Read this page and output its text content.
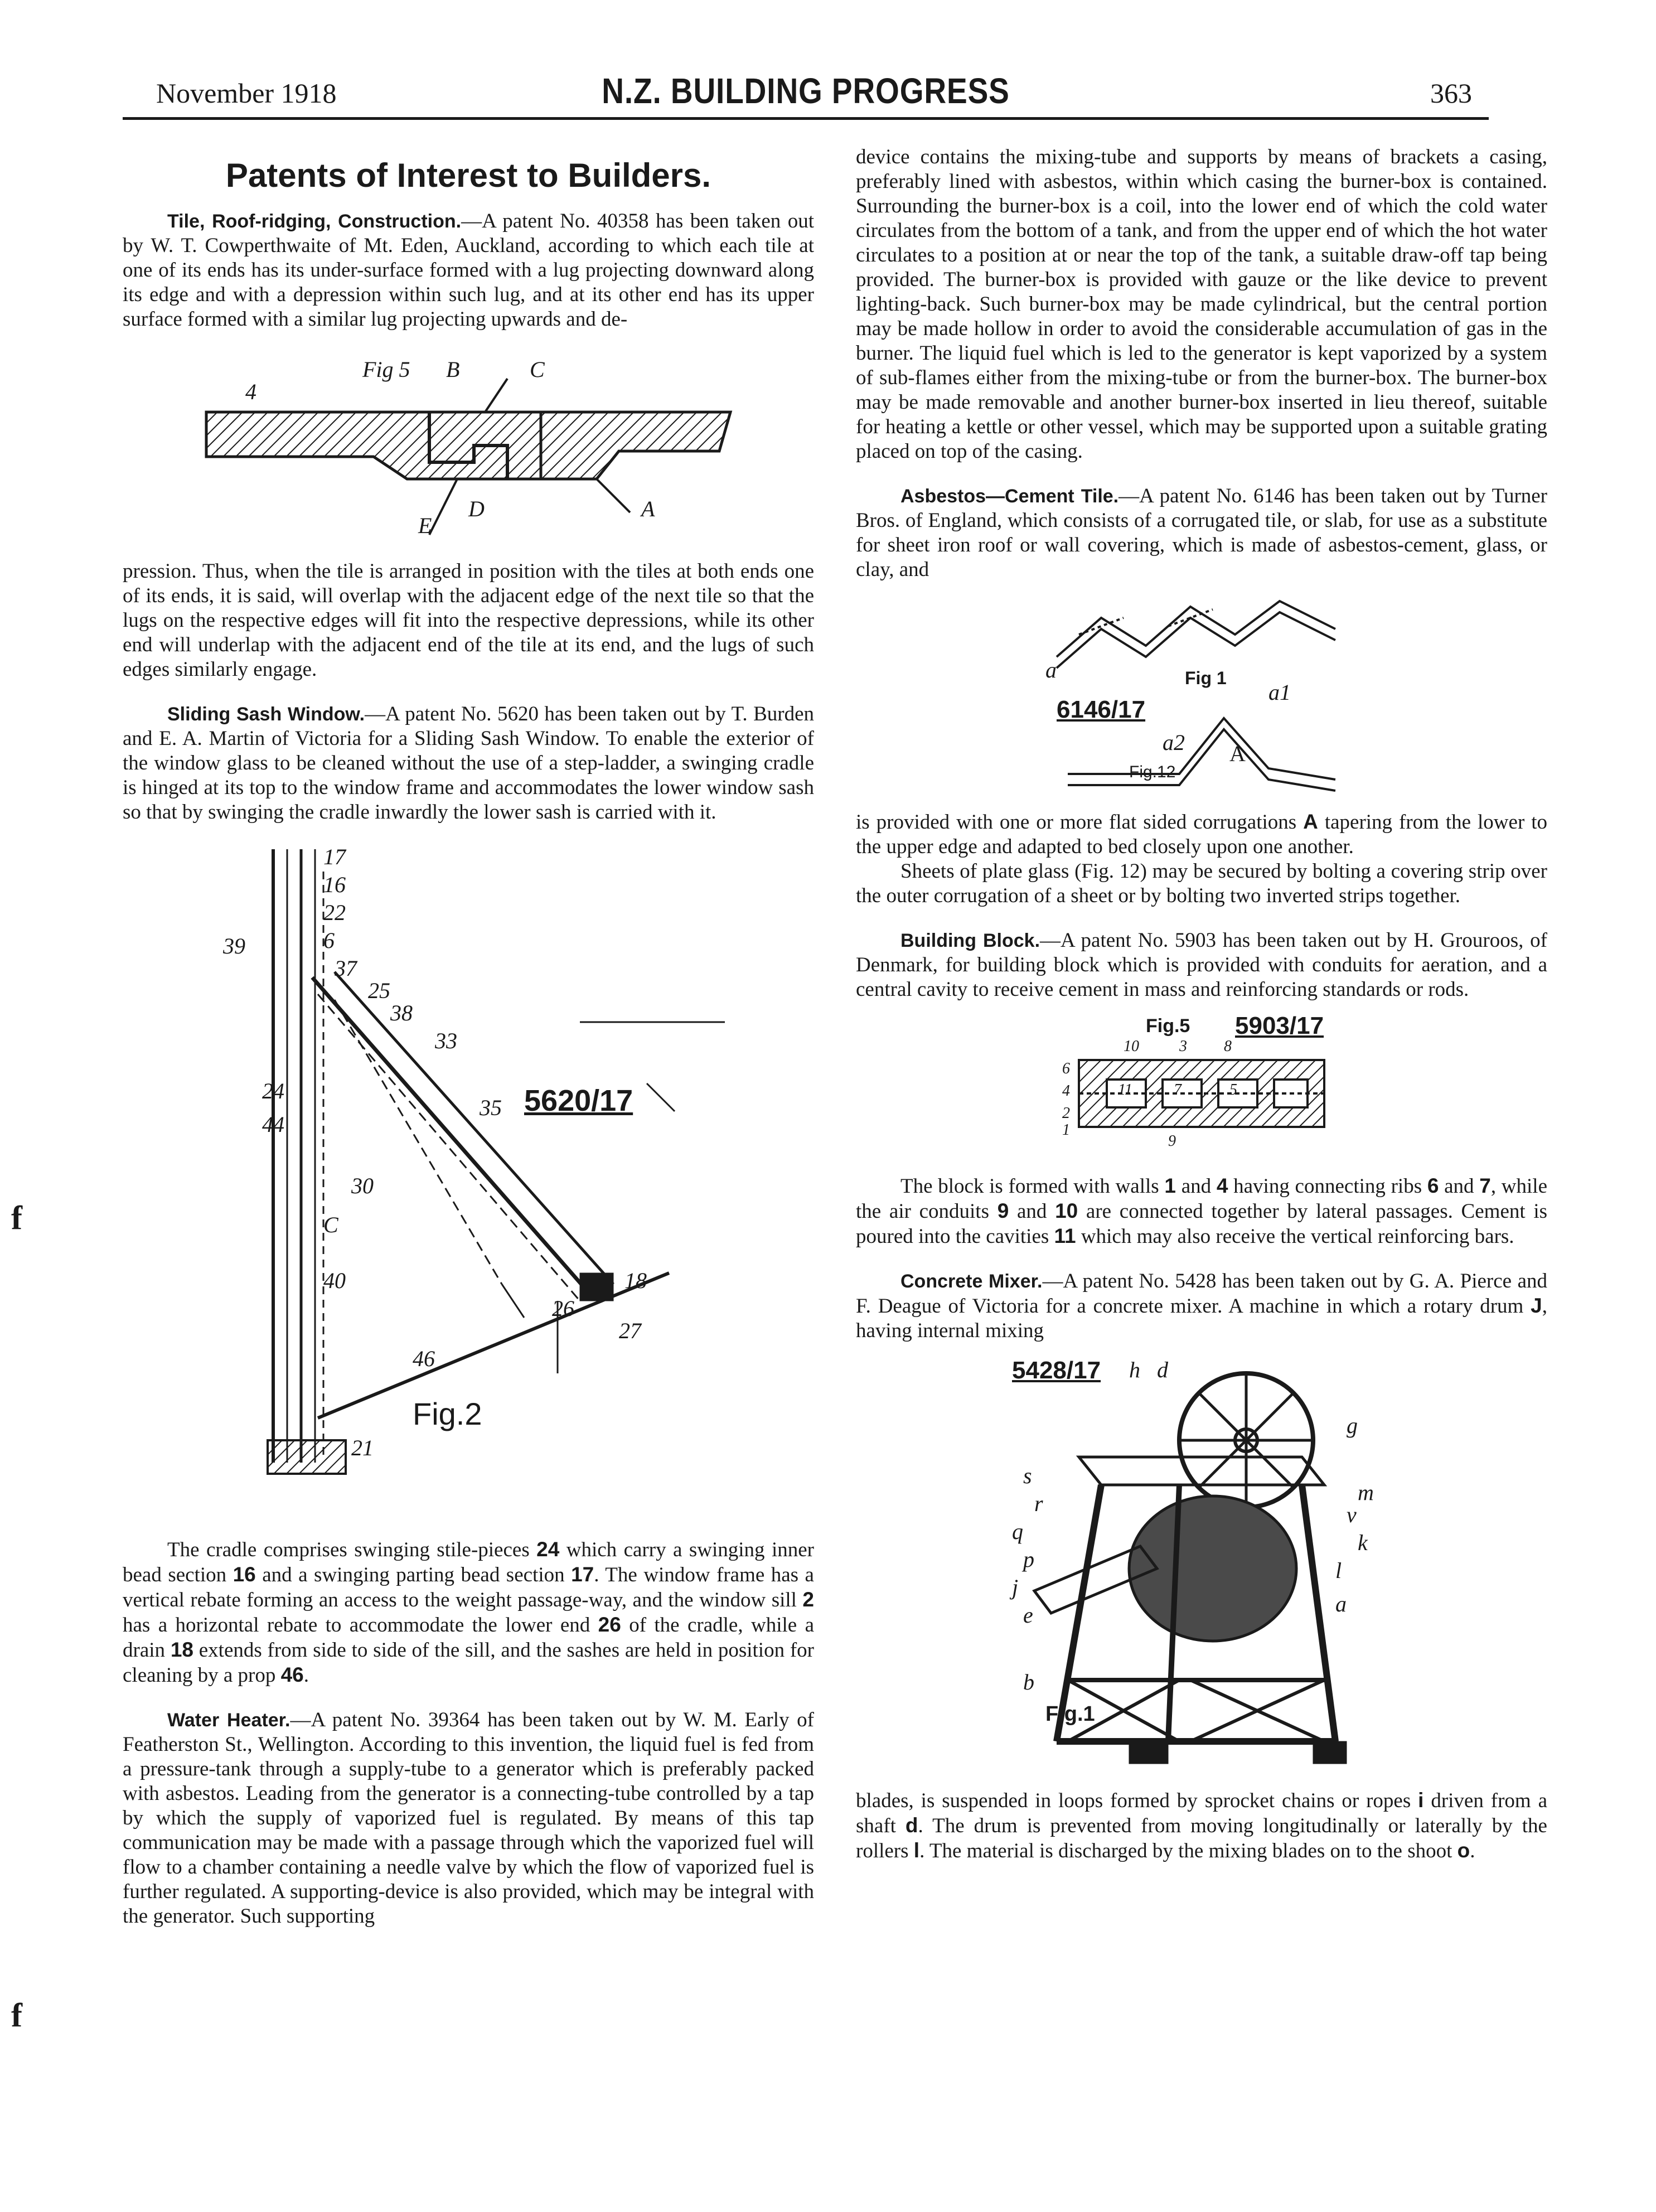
November 1918	N.Z. BUILDING PROGRESS	363
f
f
Patents of Interest to Builders.

Tile, Roof-ridging, Construction.—A patent No. 40358 has been taken out by W. T. Cowperthwaite of Mt. Eden, Auckland, according to which each tile at one of its ends has its under-surface formed with a lug projecting downward along its edge and with a depression within such lug, and at its other end has its upper surface formed with a similar lug projecting upwards and de-

Fig 5 B	C
A
D
E
4

pression. Thus, when the tile is arranged in position with the tiles at both ends one of its ends, it is said, will overlap with the adjacent edge of the next tile so that the lugs on the respective edges will fit into the respective depressions, while its other end will underlap with the adjacent end of the tile at its end, and the lugs of such edges similarly engage.

Sliding Sash Window.—A patent No. 5620 has been taken out by T. Burden and E. A. Martin of Victoria for a Sliding Sash Window. To enable the exterior of the window glass to be cleaned without the use of a step-ladder, a swinging cradle is hinged at its top to the window frame and accommodates the lower window sash so that by swinging the cradle inwardly the lower sash is carried with it.

5620/17
Fig.2
17
16
22
6
37
25
38
33
35
24
44
30
C
40
26
46
21
39
27
18

The cradle comprises swinging stile-pieces 24 which carry a swinging inner bead section 16 and a swinging parting bead section 17. The window frame has a vertical rebate forming an access to the weight passage-way, and the window sill 2 has a horizontal rebate to accommodate the lower end 26 of the cradle, while a drain 18 extends from side to side of the sill, and the sashes are held in position for cleaning by a prop 46.

Water Heater.—A patent No. 39364 has been taken out by W. M. Early of Featherston St., Wellington. According to this invention, the liquid fuel is fed from a pressure-tank through a supply-tube to a generator which is preferably packed with asbestos. Leading from the generator is a connecting-tube controlled by a tap by which the supply of vaporized fuel is regulated. By means of this tap communication may be made with a passage through which the vaporized fuel will flow to a chamber containing a needle valve by which the flow of vaporized fuel is further regulated. A supporting-device is also provided, which may be integral with the generator. Such supporting

device contains the mixing-tube and supports by means of brackets a casing, preferably lined with asbestos, within which casing the burner-box is contained. Surrounding the burner-box is a coil, into the lower end of which the cold water circulates from the bottom of a tank, and from the upper end of which the hot water circulates to a position at or near the top of the tank, a suitable draw-off tap being provided. The burner-box is provided with gauze or the like device to prevent lighting-back. Such burner-box may be made cylindrical, but the central portion may be made hollow in order to avoid the considerable accumulation of gas in the burner. The liquid fuel which is led to the generator is kept vaporized by a system of sub-flames either from the mixing-tube or from the burner-box. The burner-box may be made removable and another burner-box inserted in lieu thereof, suitable for heating a kettle or other vessel, which may be supported upon a suitable grating placed on top of the casing.

Asbestos—Cement Tile.—A patent No. 6146 has been taken out by Turner Bros. of England, which consists of a corrugated tile, or slab, for use as a substitute for sheet iron roof or wall covering, which is made of asbestos-cement, glass, or clay, and

6146/17
Fig 1
Fig.12
A
a
a2
a1

is provided with one or more flat sided corrugations A tapering from the lower to the upper edge and adapted to bed closely upon one another.

Sheets of plate glass (Fig. 12) may be secured by bolting a covering strip over the outer corrugation of a sheet or by bolting two inverted strips together.

Building Block.—A patent No. 5903 has been taken out by H. Grouroos, of Denmark, for building block which is provided with conduits for aeration, and a central cavity to receive cement in mass and reinforcing standards or rods.

Fig.5 5903/17
10	3 8
6
11	7
2
1
9
4	5

The block is formed with walls 1 and 4 having connecting ribs 6 and 7, while the air conduits 9 and 10 are connected together by lateral passages. Cement is poured into the cavities 11 which may also receive the vertical reinforcing bars.

Concrete Mixer.—A patent No. 5428 has been taken out by G. A. Pierce and F. Deague of Victoria for a concrete mixer. A machine in which a rotary drum J, having internal mixing

5428/17
Fig.1
h d
g
m
v
k
l
a
s
r
q
p
j
e
b

blades, is suspended in loops formed by sprocket chains or ropes i driven from a shaft d. The drum is prevented from moving longitudinally or laterally by the rollers l. The material is discharged by the mixing blades on to the shoot o.
